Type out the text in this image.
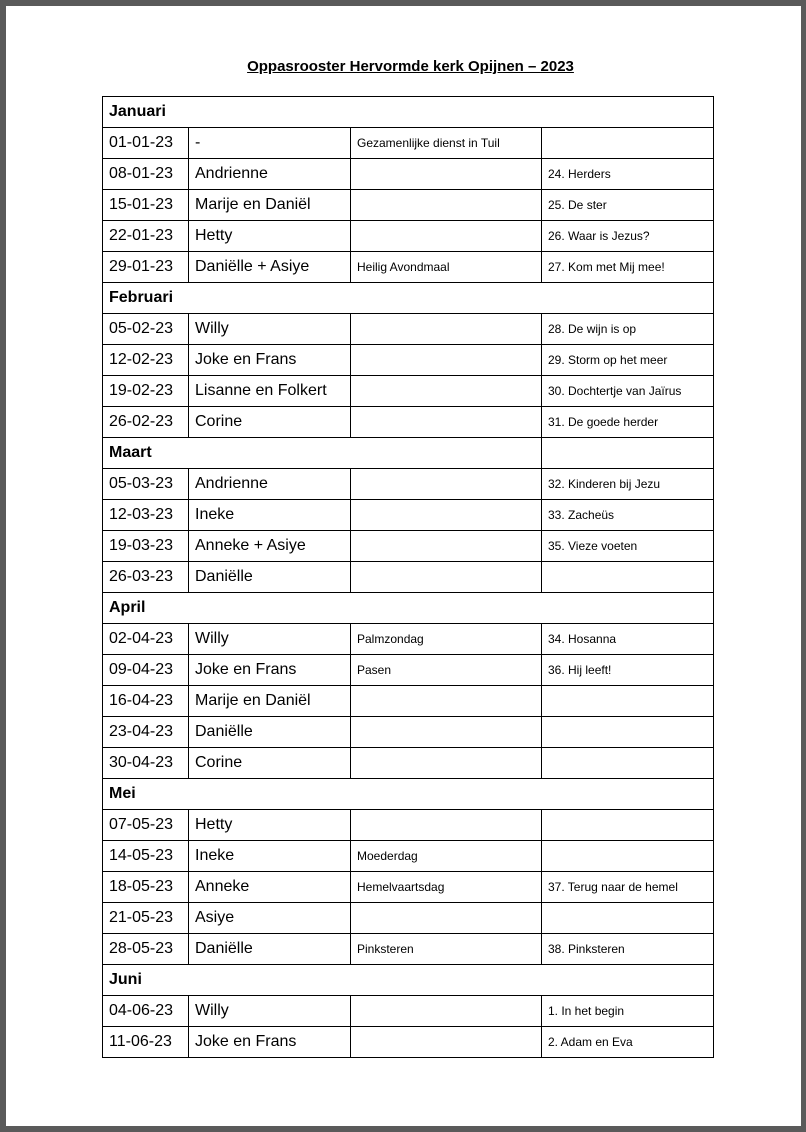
Oppasrooster Hervormde kerk Opijnen – 2023
Januari			
01-01-23	-	Gezamenlijke dienst in Tuil	
08-01-23	Andrienne		24. Herders
15-01-23	Marije en Daniël		25. De ster
22-01-23	Hetty		26. Waar is Jezus?
29-01-23	Daniëlle + Asiye	Heilig Avondmaal	27. Kom met Mij mee!
Februari			
05-02-23	Willy		28. De wijn is op
12-02-23	Joke en Frans		29. Storm op het meer
19-02-23	Lisanne en Folkert		30. Dochtertje van Jaïrus
26-02-23	Corine		31. De goede herder
Maart			
05-03-23	Andrienne		32. Kinderen bij Jezu
12-03-23	Ineke		33. Zacheüs
19-03-23	Anneke + Asiye		35. Vieze voeten
26-03-23	Daniëlle		
April			
02-04-23	Willy	Palmzondag	34. Hosanna
09-04-23	Joke en Frans	Pasen	36. Hij leeft!
16-04-23	Marije en Daniël		
23-04-23	Daniëlle		
30-04-23	Corine		
Mei			
07-05-23	Hetty		
14-05-23	Ineke	Moederdag	
18-05-23	Anneke	Hemelvaartsdag	37. Terug naar de hemel
21-05-23	Asiye		
28-05-23	Daniëlle	Pinksteren	38. Pinksteren
Juni			
04-06-23	Willy		1. In het begin
11-06-23	Joke en Frans		2. Adam en Eva
